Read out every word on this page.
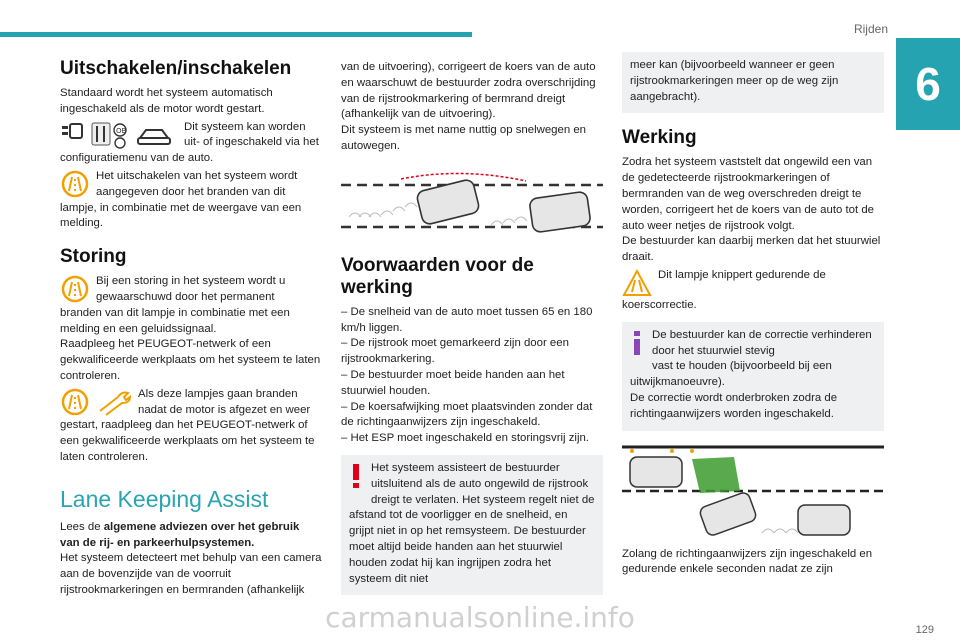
Rijden
6
129
Uitschakelen/inschakelen

Standaard wordt het systeem automatisch ingeschakeld als de motor wordt gestart.

OB	Dit systeem kan worden uit- of ingeschakeld via het

configuratiemenu van de auto.

Het uitschakelen van het systeem wordt aangegeven door het branden van dit

lampje, in combinatie met de weergave van een melding.

Storing

Bij een storing in het systeem wordt u gewaarschuwd door het permanent

branden van dit lampje in combinatie met een melding en een geluidssignaal.

Raadpleeg het PEUGEOT-netwerk of een gekwalificeerde werkplaats om het systeem te laten controleren.

Als deze lampjes gaan branden nadat de motor is afgezet en weer

gestart, raadpleeg dan het PEUGEOT-netwerk of een gekwalificeerde werkplaats om het systeem te laten controleren.

Lane Keeping Assist

Lees de algemene adviezen over het gebruik van de rij- en parkeerhulpsystemen.

Het systeem detecteert met behulp van een camera aan de bovenzijde van de voorruit rijstrookmarkeringen en bermranden (afhankelijk

van de uitvoering), corrigeert de koers van de auto en waarschuwt de bestuurder zodra overschrijding van de rijstrookmarkering of bermrand dreigt (afhankelijk van de uitvoering).

Dit systeem is met name nuttig op snelwegen en autowegen.

Voorwaarden voor de werking

– De snelheid van de auto moet tussen 65 en 180 km/h liggen.

– De rijstrook moet gemarkeerd zijn door een rijstrookmarkering.

– De bestuurder moet beide handen aan het stuurwiel houden.

– De koersafwijking moet plaatsvinden zonder dat de richtingaanwijzers zijn ingeschakeld.

– Het ESP moet ingeschakeld en storingsvrij zijn.

Het systeem assisteert de bestuurder uitsluitend als de auto ongewild de rijstrook dreigt te verlaten. Het systeem regelt niet de afstand tot de voorligger en de snelheid, en grijpt niet in op het remsysteem. De bestuurder moet altijd beide handen aan het stuurwiel houden zodat hij kan ingrijpen zodra het systeem dit niet

meer kan (bijvoorbeeld wanneer er geen rijstrookmarkeringen meer op de weg zijn aangebracht).

Werking

Zodra het systeem vaststelt dat ongewild een van de gedetecteerde rijstrookmarkeringen of bermranden van de weg overschreden dreigt te worden, corrigeert het de koers van de auto tot de auto weer netjes de rijstrook volgt.

De bestuurder kan daarbij merken dat het stuurwiel draait.

Dit lampje knippert gedurende de

koerscorrectie.

De bestuurder kan de correctie verhinderen door het stuurwiel stevig

vast te houden (bijvoorbeeld bij een uitwijkmanoeuvre).

De correctie wordt onderbroken zodra de richtingaanwijzers worden ingeschakeld.

Zolang de richtingaanwijzers zijn ingeschakeld en gedurende enkele seconden nadat ze zijn

carmanualsonline.info
